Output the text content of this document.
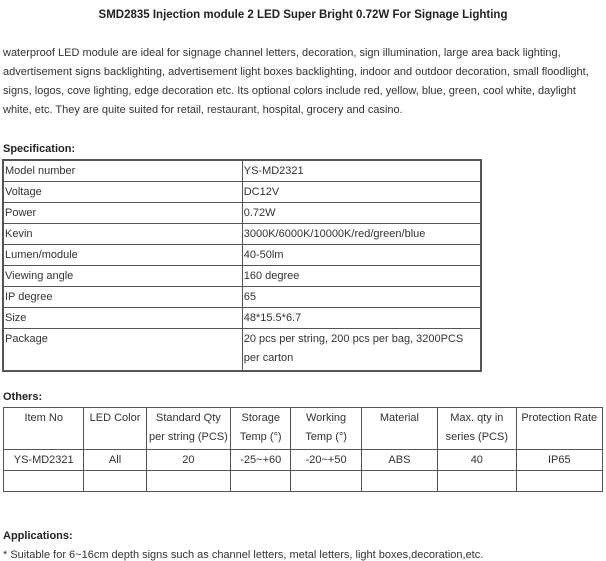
SMD2835 Injection module 2 LED Super Bright 0.72W For Signage Lighting
waterproof LED module are ideal for signage channel letters, decoration, sign illumination, large area back lighting, advertisement signs backlighting, advertisement light boxes backlighting, indoor and outdoor decoration, small floodlight, signs, logos, cove lighting, edge decoration etc. Its optional colors include red, yellow, blue, green, cool white, daylight white, etc. They are quite suited for retail, restaurant, hospital, grocery and casino.
Specification:
Model number	YS-MD2321
Voltage	DC12V
Power	0.72W
Kevin	3000K/6000K/10000K/red/green/blue
Lumen/module	40-50lm
Viewing angle	160 degree
IP degree	65
Size	48*15.5*6.7
Package	20 pcs per string, 200 pcs per bag, 3200PCS per carton
Others:
Item No	LED Color	Standard Qty per string (PCS)	Storage Temp (°)	Working Temp (°)	Material	Max. qty in series (PCS)	Protection Rate
YS-MD2321	All	20	-25~+60	-20~+50	ABS	40	IP65

Applications:
* Suitable for 6~16cm depth signs such as channel letters, metal letters, light boxes,decoration,etc.
